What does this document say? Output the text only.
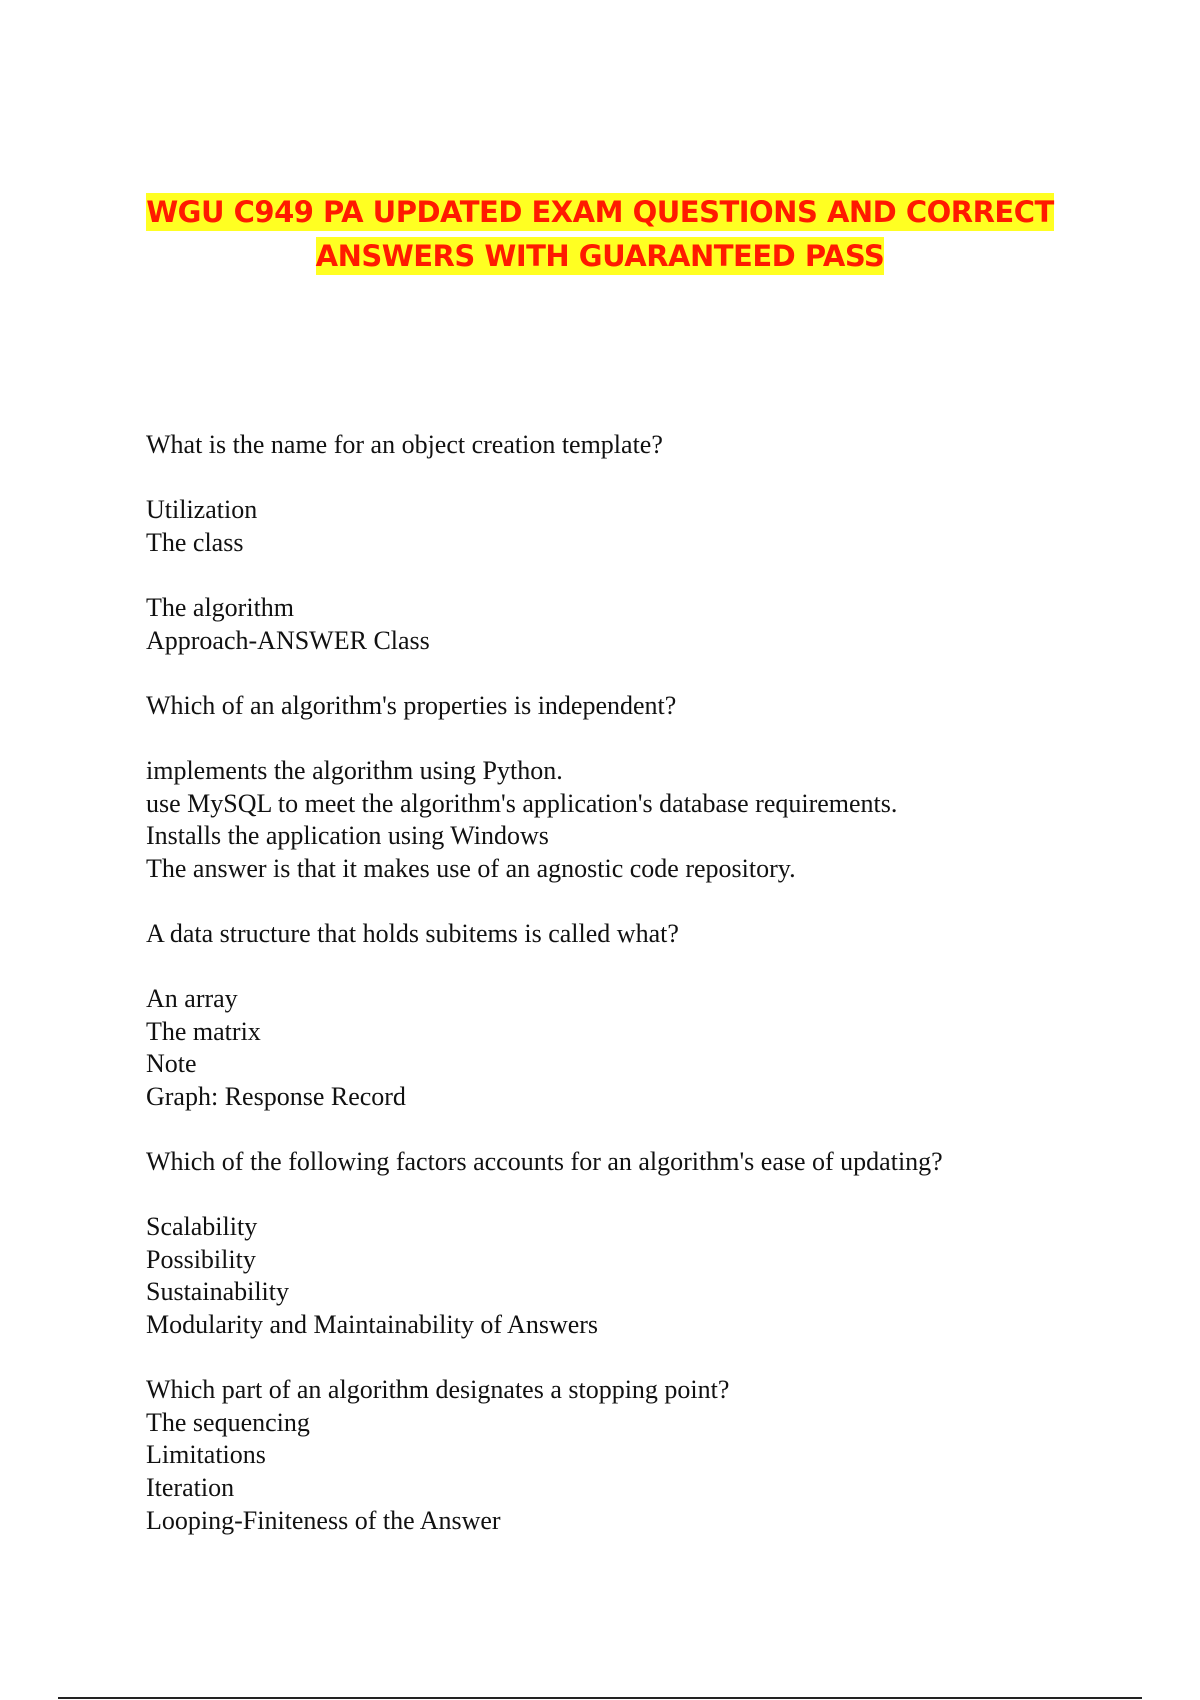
WGU C949 PA UPDATED EXAM QUESTIONS AND CORRECT
ANSWERS WITH GUARANTEED PASS
What is the name for an object creation template?
Utilization
The class
The algorithm
Approach-ANSWER Class
Which of an algorithm's properties is independent?
implements the algorithm using Python.
use MySQL to meet the algorithm's application's database requirements.
Installs the application using Windows
The answer is that it makes use of an agnostic code repository.
A data structure that holds subitems is called what?
An array
The matrix
Note
Graph: Response Record
Which of the following factors accounts for an algorithm's ease of updating?
Scalability
Possibility
Sustainability
Modularity and Maintainability of Answers
Which part of an algorithm designates a stopping point?
The sequencing
Limitations
Iteration
Looping-Finiteness of the Answer
